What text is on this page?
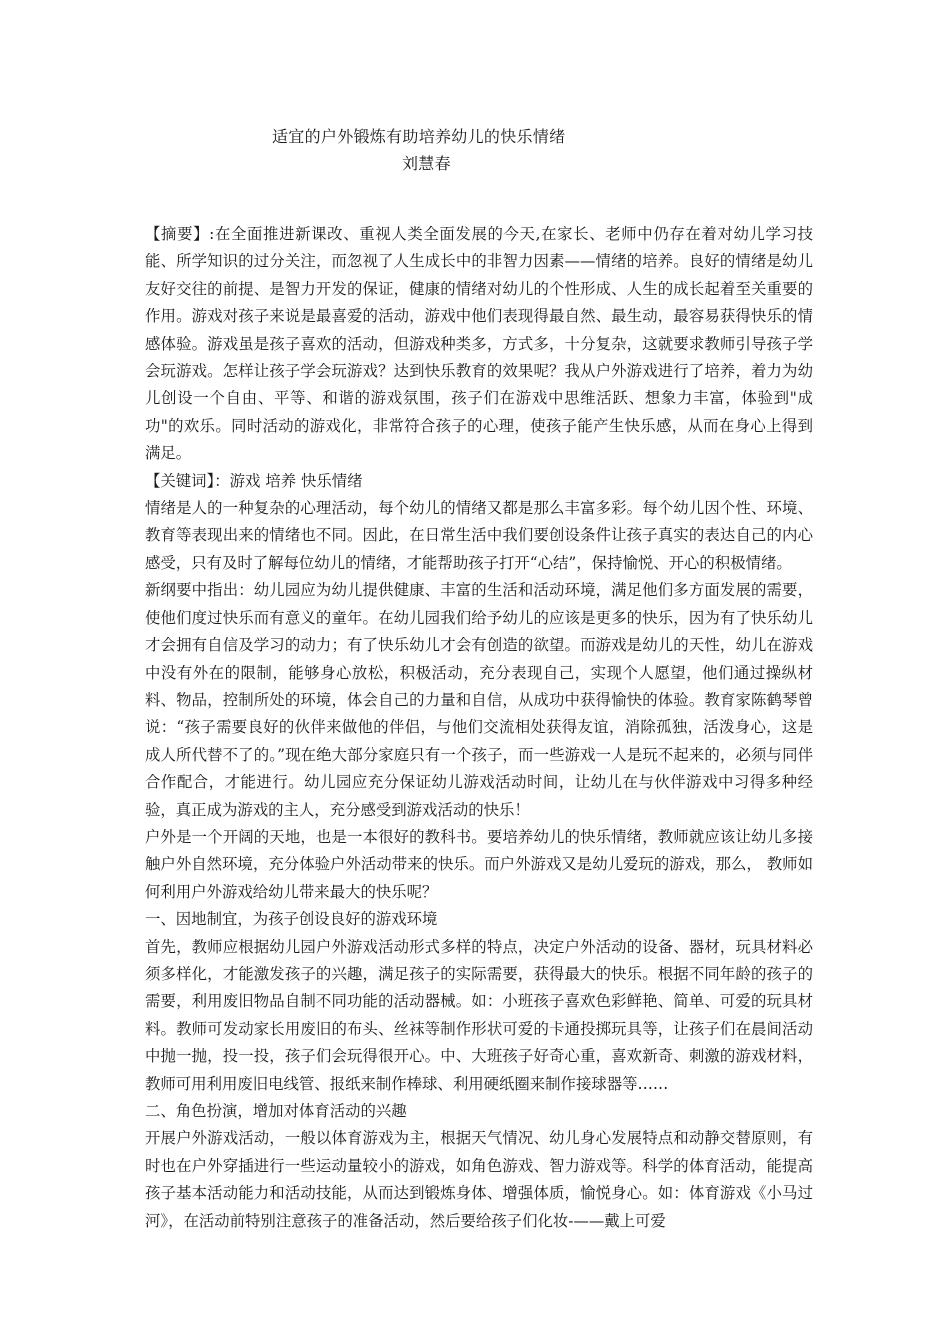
适宜的户外锻炼有助培养幼儿的快乐情绪
刘慧春

【摘要】:在全面推进新课改、重视人类全面发展的今天,在家长、老师中仍存在着对幼儿学习技能、所学知识的过分关注，而忽视了人生成长中的非智力因素——情绪的培养。良好的情绪是幼儿友好交往的前提、是智力开发的保证，健康的情绪对幼儿的个性形成、人生的成长起着至关重要的作用。游戏对孩子来说是最喜爱的活动，游戏中他们表现得最自然、最生动，最容易获得快乐的情感体验。游戏虽是孩子喜欢的活动，但游戏种类多，方式多，十分复杂，这就要求教师引导孩子学会玩游戏。怎样让孩子学会玩游戏？达到快乐教育的效果呢？我从户外游戏进行了培养，着力为幼儿创设一个自由、平等、和谐的游戏氛围，孩子们在游戏中思维活跃、想象力丰富，体验到"成功"的欢乐。同时活动的游戏化，非常符合孩子的心理，使孩子能产生快乐感，从而在身心上得到满足。

【关键词】：游戏 培养 快乐情绪

情绪是人的一种复杂的心理活动，每个幼儿的情绪又都是那么丰富多彩。每个幼儿因个性、环境、教育等表现出来的情绪也不同。因此，在日常生活中我们要创设条件让孩子真实的表达自己的内心感受，只有及时了解每位幼儿的情绪，才能帮助孩子打开“心结”，保持愉悦、开心的积极情绪。

新纲要中指出：幼儿园应为幼儿提供健康、丰富的生活和活动环境，满足他们多方面发展的需要，使他们度过快乐而有意义的童年。在幼儿园我们给予幼儿的应该是更多的快乐，因为有了快乐幼儿才会拥有自信及学习的动力；有了快乐幼儿才会有创造的欲望。而游戏是幼儿的天性，幼儿在游戏中没有外在的限制，能够身心放松，积极活动，充分表现自己，实现个人愿望，他们通过操纵材料、物品，控制所处的环境，体会自己的力量和自信，从成功中获得愉快的体验。教育家陈鹤琴曾说：“孩子需要良好的伙伴来做他的伴侣，与他们交流相处获得友谊，消除孤独，活泼身心，这是成人所代替不了的。”现在绝大部分家庭只有一个孩子，而一些游戏一人是玩不起来的，必须与同伴合作配合，才能进行。幼儿园应充分保证幼儿游戏活动时间，让幼儿在与伙伴游戏中习得多种经验，真正成为游戏的主人，充分感受到游戏活动的快乐！

户外是一个开阔的天地，也是一本很好的教科书。要培养幼儿的快乐情绪，教师就应该让幼儿多接触户外自然环境，充分体验户外活动带来的快乐。而户外游戏又是幼儿爱玩的游戏，那么， 教师如何利用户外游戏给幼儿带来最大的快乐呢？

一、因地制宜，为孩子创设良好的游戏环境

首先，教师应根据幼儿园户外游戏活动形式多样的特点，决定户外活动的设备、器材，玩具材料必须多样化，才能激发孩子的兴趣，满足孩子的实际需要，获得最大的快乐。根据不同年龄的孩子的需要，利用废旧物品自制不同功能的活动器械。如：小班孩子喜欢色彩鲜艳、简单、可爱的玩具材料。教师可发动家长用废旧的布头、丝袜等制作形状可爱的卡通投掷玩具等，让孩子们在晨间活动中抛一抛，投一投，孩子们会玩得很开心。中、大班孩子好奇心重，喜欢新奇、刺激的游戏材料，教师可用利用废旧电线管、报纸来制作棒球、利用硬纸圈来制作接球器等……

二、角色扮演，增加对体育活动的兴趣

开展户外游戏活动，一般以体育游戏为主，根据天气情况、幼儿身心发展特点和动静交替原则，有时也在户外穿插进行一些运动量较小的游戏，如角色游戏、智力游戏等。科学的体育活动，能提高孩子基本活动能力和活动技能，从而达到锻炼身体、增强体质，愉悦身心。如：体育游戏《小马过河》，在活动前特别注意孩子的准备活动，然后要给孩子们化妆-——戴上可爱
